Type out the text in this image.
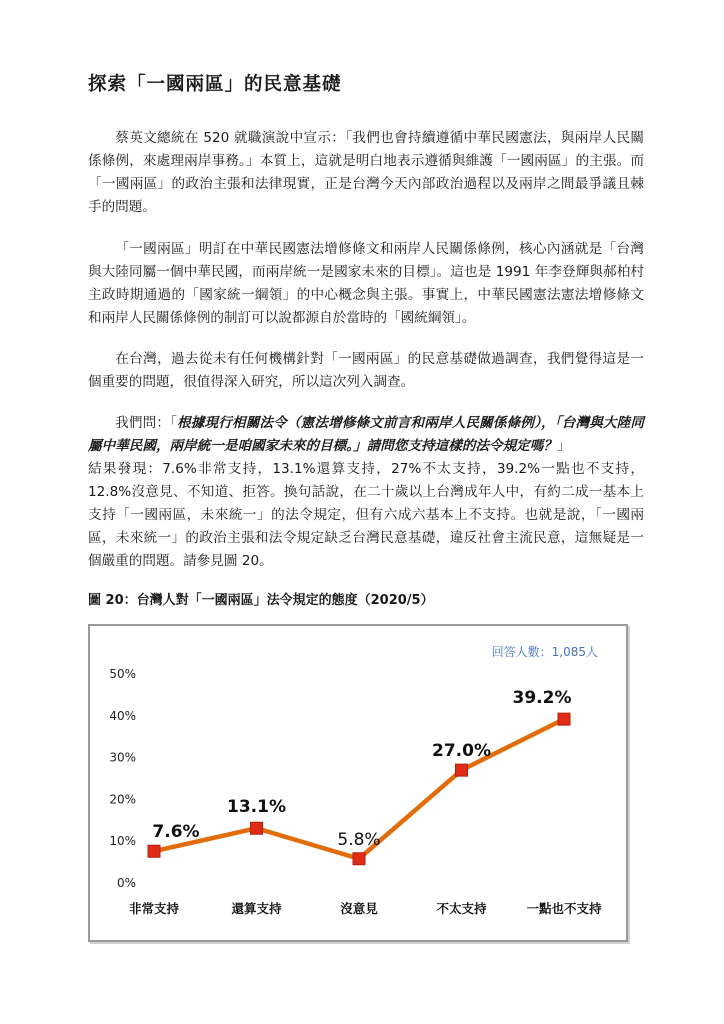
探索「一國兩區」的民意基礎

蔡英文總統在 520 就職演說中宣示：「我們也會持續遵循中華民國憲法，與兩岸人民關係條例，來處理兩岸事務。」本質上，這就是明白地表示遵循與維護「一國兩區」的主張。而「一國兩區」的政治主張和法律現實，正是台灣今天內部政治過程以及兩岸之間最爭議且棘手的問題。

「一國兩區」明訂在中華民國憲法增修條文和兩岸人民關係條例，核心內涵就是「台灣與大陸同屬一個中華民國，而兩岸統一是國家未來的目標」。這也是 1991 年李登輝與郝柏村主政時期通過的「國家統一綱領」的中心概念與主張。事實上，中華民國憲法憲法增修條文和兩岸人民關係條例的制訂可以說都源自於當時的「國統綱領」。

在台灣，過去從未有任何機構針對「一國兩區」的民意基礎做過調查，我們覺得這是一個重要的問題，很值得深入研究，所以這次列入調查。

我們問：「根據現行相關法令（憲法增修條文前言和兩岸人民關係條例），「台灣與大陸同屬中華民國，兩岸統一是咱國家未來的目標。」請問您支持這樣的法令規定嗎？」
結果發現：7.6%非常支持，13.1%還算支持，27%不太支持，39.2%一點也不支持，12.8%沒意見、不知道、拒答。換句話說，在二十歲以上台灣成年人中，有約二成一基本上支持「一國兩區，未來統一」的法令規定，但有六成六基本上不支持。也就是說，「一國兩區，未來統一」的政治主張和法令規定缺乏台灣民意基礎，違反社會主流民意，這無疑是一個嚴重的問題。請參見圖 20。

圖 20：台灣人對「一國兩區」法令規定的態度（2020/5）
回答人數：1,085人
0%
10%
20%
30%
40%
50%
非常支持	還算支持	沒意見	不太支持	一點也不支持
7.6%
13.1%
5.8%
27.0%
39.2%
